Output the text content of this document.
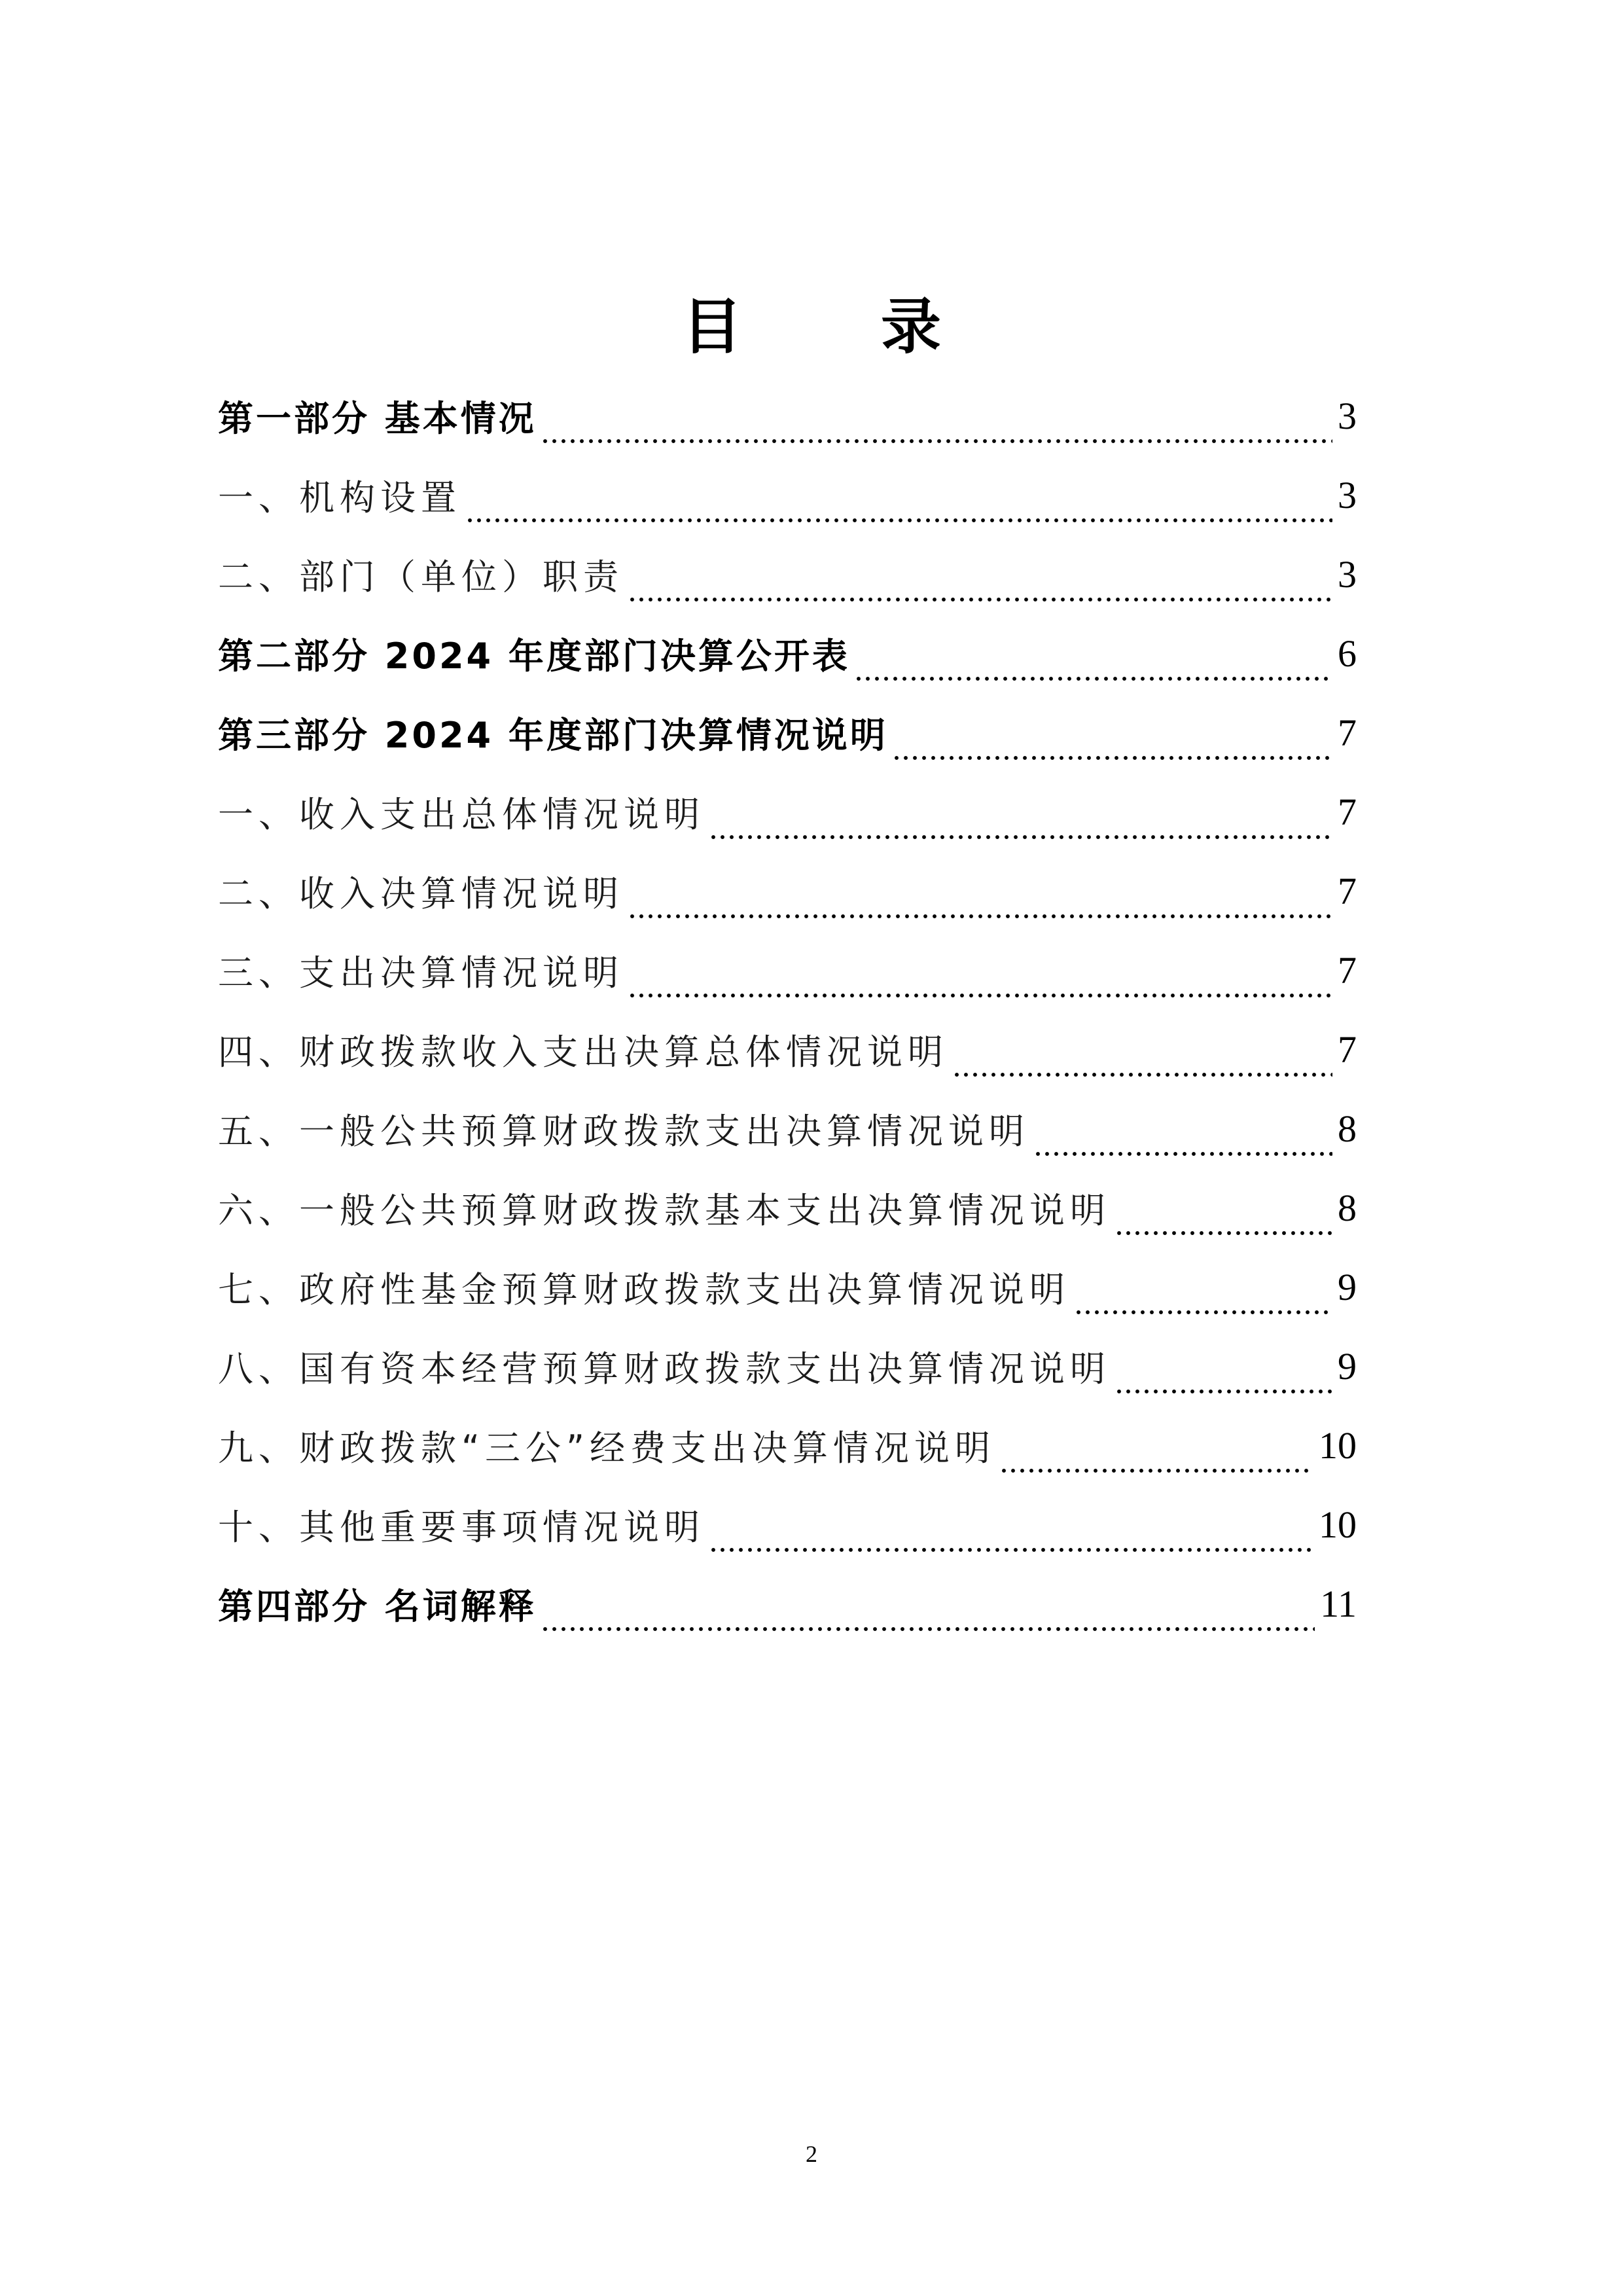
目 录
第一部分 基本情况	3
一、机构设置	3
二、部门（单位）职责	3
第二部分 2024 年度部门决算公开表	6
第三部分 2024 年度部门决算情况说明	7
一、收入支出总体情况说明	7
二、收入决算情况说明	7
三、支出决算情况说明	7
四、财政拨款收入支出决算总体情况说明	7
五、一般公共预算财政拨款支出决算情况说明	8
六、一般公共预算财政拨款基本支出决算情况说明	8
七、政府性基金预算财政拨款支出决算情况说明	9
八、国有资本经营预算财政拨款支出决算情况说明	9
九、财政拨款“三公”经费支出决算情况说明	10
十、其他重要事项情况说明	10
第四部分 名词解释	11
2
